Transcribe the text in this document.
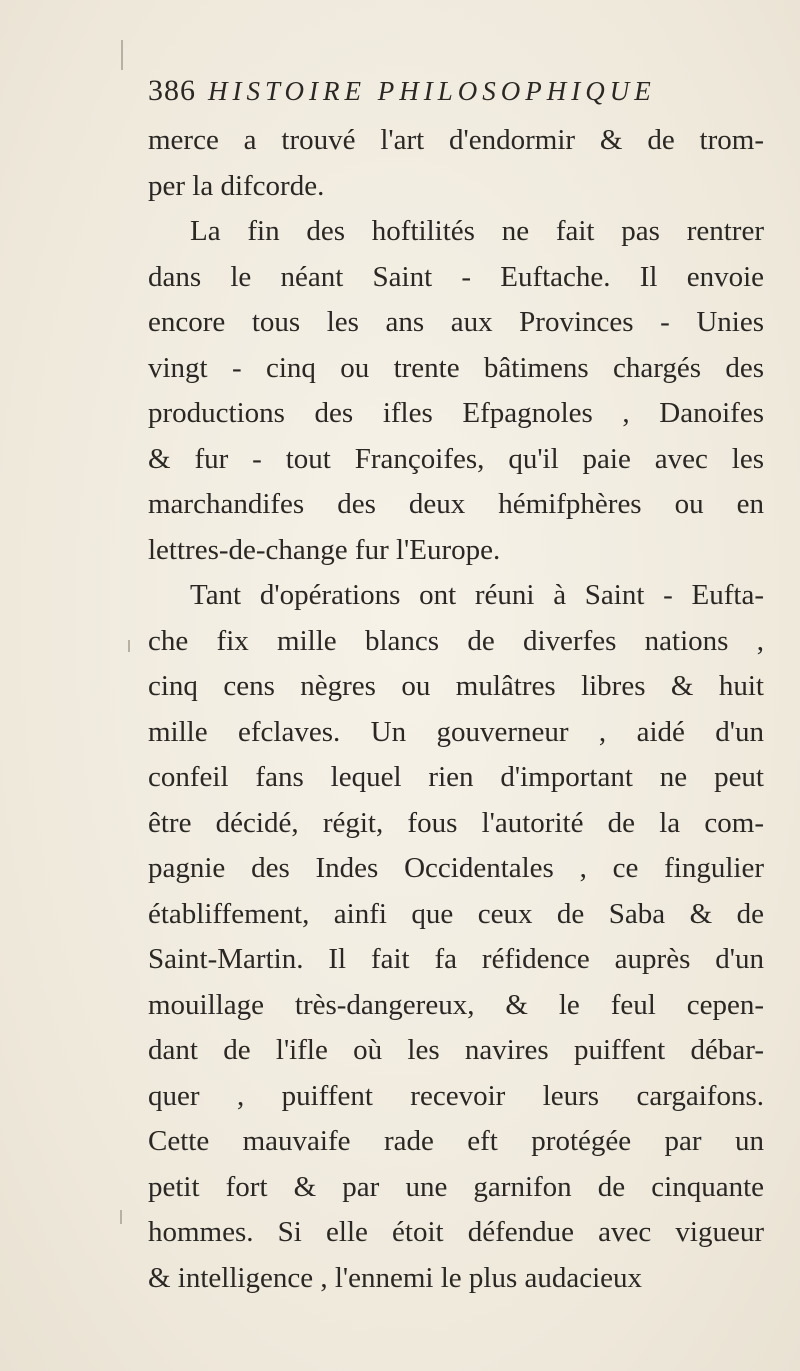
386 HISTOIRE PHILOSOPHIQUE
merce a trouvé l'art d'endormir & de trom-
per la difcorde.
La fin des hoftilités ne fait pas rentrer
dans le néant Saint - Euftache. Il envoie
encore tous les ans aux Provinces - Unies
vingt - cinq ou trente bâtimens chargés des
productions des ifles Efpagnoles , Danoifes
& fur - tout Françoifes, qu'il paie avec les
marchandifes des deux hémifphères ou en
lettres-de-change fur l'Europe.
Tant d'opérations ont réuni à Saint - Eufta-
che fix mille blancs de diverfes nations ,
cinq cens nègres ou mulâtres libres & huit
mille efclaves. Un gouverneur , aidé d'un
confeil fans lequel rien d'important ne peut
être décidé, régit, fous l'autorité de la com-
pagnie des Indes Occidentales , ce fingulier
établiffement, ainfi que ceux de Saba & de
Saint-Martin. Il fait fa réfidence auprès d'un
mouillage très-dangereux, & le feul cepen-
dant de l'ifle où les navires puiffent débar-
quer , puiffent recevoir leurs cargaifons.
Cette mauvaife rade eft protégée par un
petit fort & par une garnifon de cinquante
hommes. Si elle étoit défendue avec vigueur
& intelligence , l'ennemi le plus audacieux
